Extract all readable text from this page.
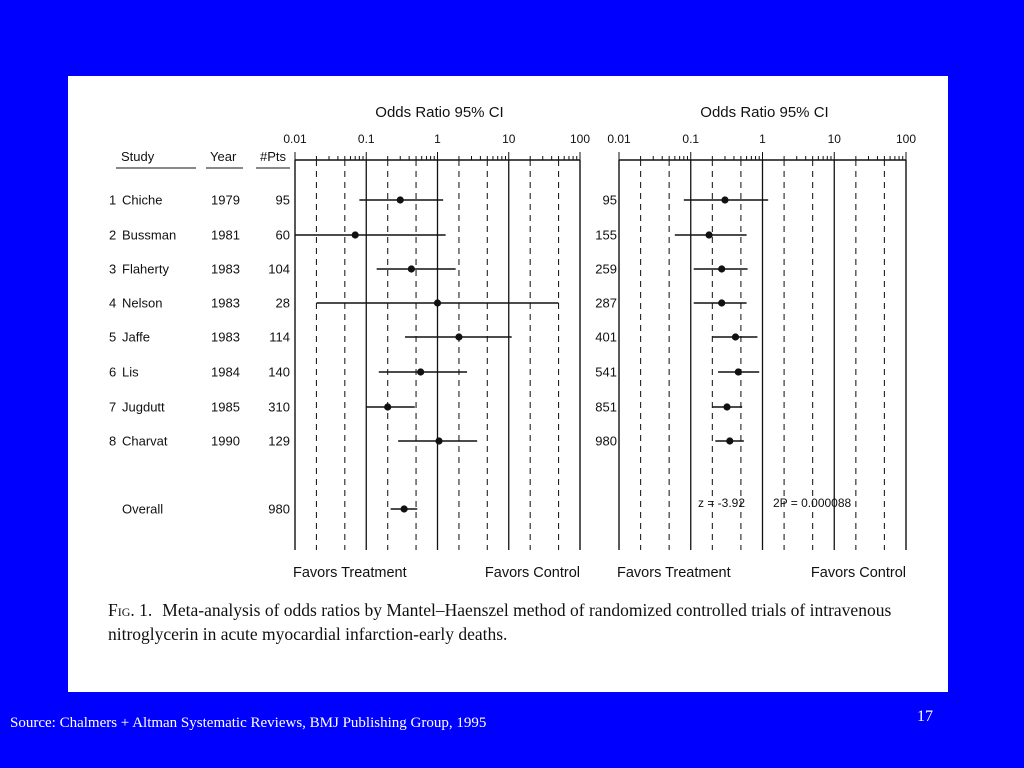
Odds Ratio 95% CI
0.01	0.1	1	10	100
Study	Year #Pts
1 Chiche	1979	95
2 Bussman	1981	60
3 Flaherty	1983 104
4 Nelson	1983	28
5 Jaffe	1983 114
6 Lis	1984 140
7 Jugdutt	1985 310
8 Charvat	1990 129
Overall	980
Favors Treatment	Favors Control
Odds Ratio 95% CI
0.01	0.1	1	10	100
95
155
259
287
401
541
851
980
z = -3.92 2P = 0.000088
Favors Treatment	Favors Control
Fig. 1. Meta-analysis of odds ratios by Mantel–Haenszel method of randomized controlled trials of intravenous nitroglycerin in acute myocardial infarction-early deaths.
Source: Chalmers + Altman Systematic Reviews, BMJ Publishing Group, 1995	17
